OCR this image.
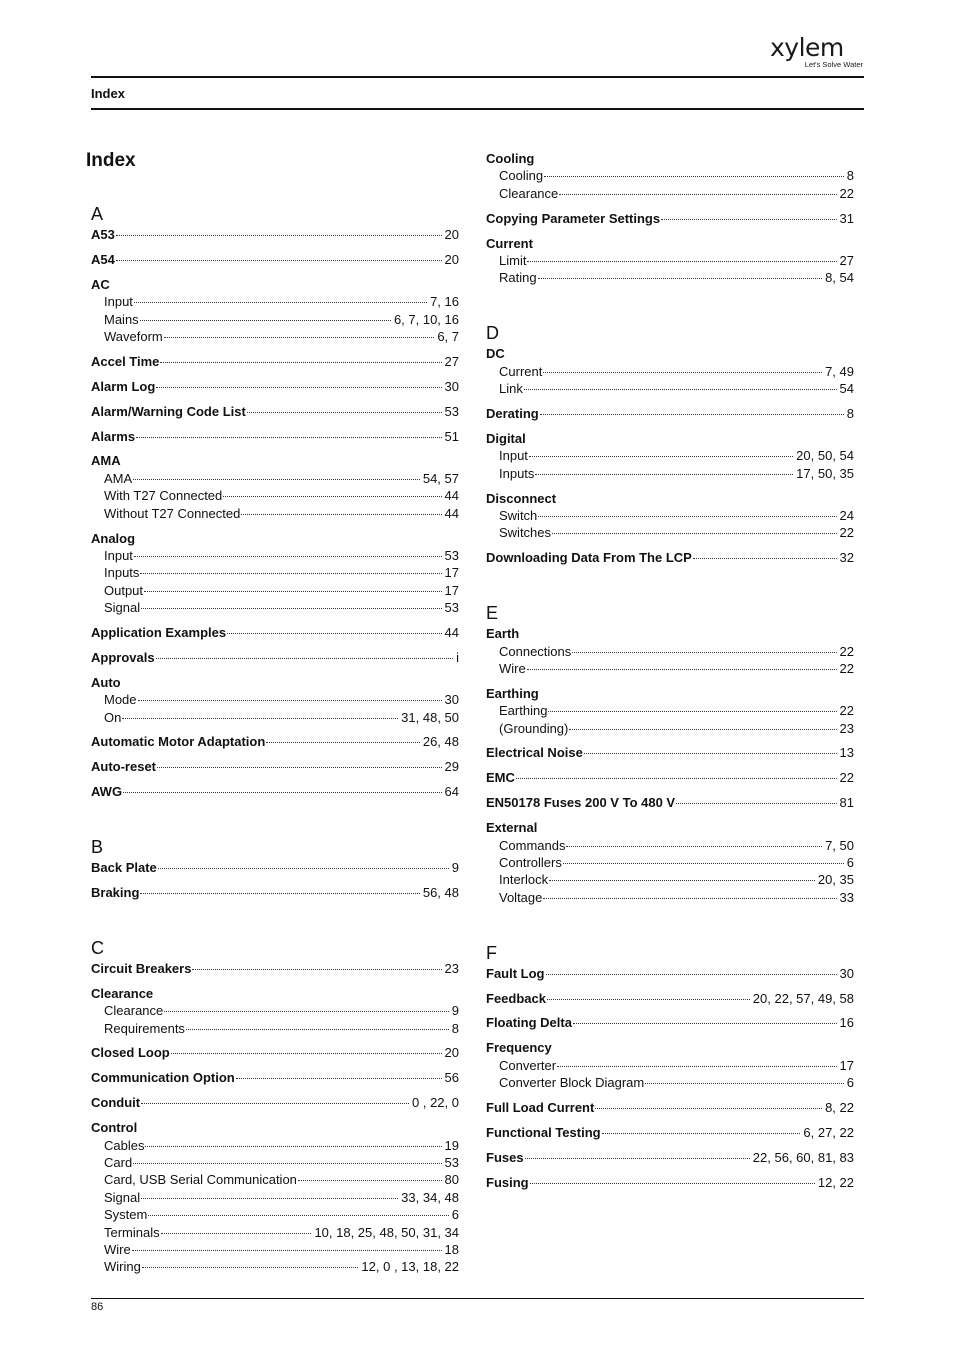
xylem
Let's Solve Water
Index
Index
A
A53	20
A54	20
AC
Input	7, 16
Mains	6, 7, 10, 16
Waveform	6, 7
Accel Time	27
Alarm Log	30
Alarm/Warning Code List	53
Alarms	51
AMA
AMA	54, 57
With T27 Connected	44
Without T27 Connected	44
Analog
Input	53
Inputs	17
Output	17
Signal	53
Application Examples	44
Approvals	i
Auto
Mode	30
On	31, 48, 50
Automatic Motor Adaptation	26, 48
Auto-reset	29
AWG	64
B
Back Plate	9
Braking	56, 48
C
Circuit Breakers	23
Clearance
Clearance	9
Requirements	8
Closed Loop	20
Communication Option	56
Conduit	0 , 22, 0
Control
Cables	19
Card	53
Card, USB Serial Communication	80
Signal	33, 34, 48
System	6
Terminals	10, 18, 25, 48, 50, 31, 34
Wire	18
Wiring	12, 0 , 13, 18, 22
Cooling
Cooling	8
Clearance	22
Copying Parameter Settings	31
Current
Limit	27
Rating	8, 54
D
DC
Current	7, 49
Link	54
Derating	8
Digital
Input	20, 50, 54
Inputs	17, 50, 35
Disconnect
Switch	24
Switches	22
Downloading Data From The LCP	32
E
Earth
Connections	22
Wire	22
Earthing
Earthing	22
(Grounding)	23
Electrical Noise	13
EMC	22
EN50178 Fuses 200 V To 480 V	81
External
Commands	7, 50
Controllers	6
Interlock	20, 35
Voltage	33
F
Fault Log	30
Feedback	20, 22, 57, 49, 58
Floating Delta	16
Frequency
Converter	17
Converter Block Diagram	6
Full Load Current	8, 22
Functional Testing	6, 27, 22
Fuses	22, 56, 60, 81, 83
Fusing	12, 22
86
